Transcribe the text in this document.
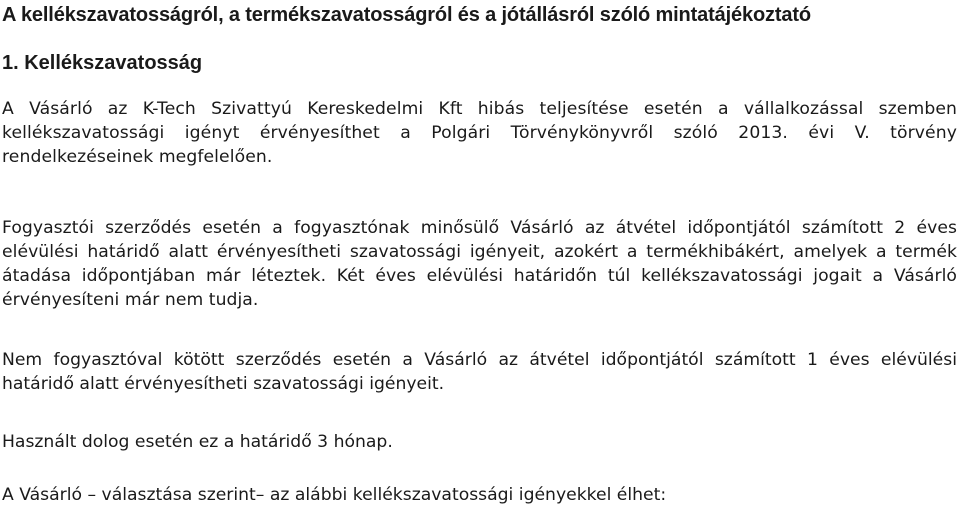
A kellékszavatosságról, a termékszavatosságról és a jótállásról szóló mintatájékoztató
1. Kellékszavatosság

A Vásárló az K-Tech Szivattyú Kereskedelmi Kft hibás teljesítése esetén a vállalkozással szemben kellékszavatossági igényt érvényesíthet a Polgári Törvénykönyvről szóló 2013. évi V. törvény rendelkezéseinek megfelelően.

Fogyasztói szerződés esetén a fogyasztónak minősülő Vásárló az átvétel időpontjától számított 2 éves elévülési határidő alatt érvényesítheti szavatossági igényeit, azokért a termékhibákért, amelyek a termék átadása időpontjában már léteztek. Két éves elévülési határidőn túl kellékszavatossági jogait a Vásárló érvényesíteni már nem tudja.

Nem fogyasztóval kötött szerződés esetén a Vásárló az átvétel időpontjától számított 1 éves elévülési határidő alatt érvényesítheti szavatossági igényeit.

Használt dolog esetén ez a határidő 3 hónap.

A Vásárló – választása szerint– az alábbi kellékszavatossági igényekkel élhet:
